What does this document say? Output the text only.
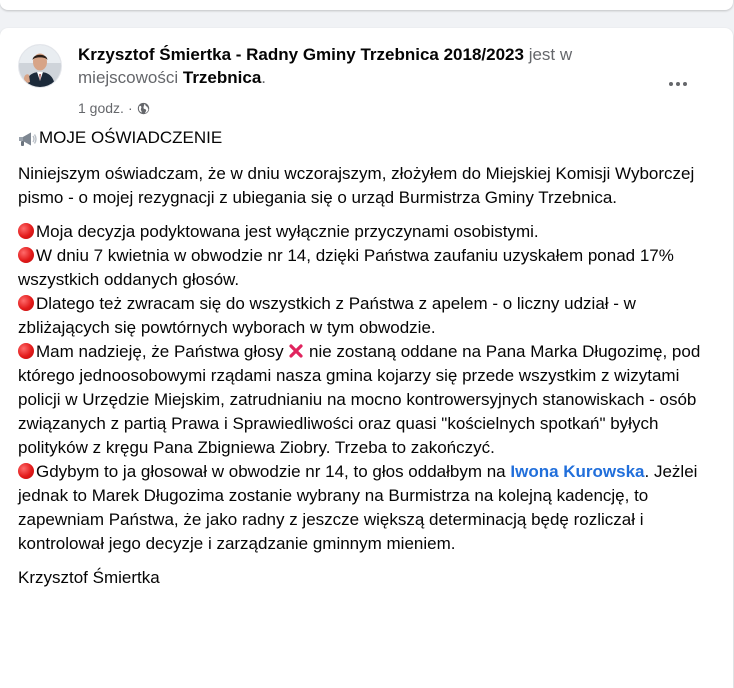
Krzysztof Śmiertka - Radny Gminy Trzebnica 2018/2023 jest w miejscowości Trzebnica.
1 godz. ·

MOJE OŚWIADCZENIE

Niniejszym oświadczam, że w dniu wczorajszym, złożyłem do Miejskiej Komisji Wyborczej pismo - o mojej rezygnacji z ubiegania się o urząd Burmistrza Gminy Trzebnica.

Moja decyzja podyktowana jest wyłącznie przyczynami osobistymi.

W dniu 7 kwietnia w obwodzie nr 14, dzięki Państwa zaufaniu uzyskałem ponad 17% wszystkich oddanych głosów.

Dlatego też zwracam się do wszystkich z Państwa z apelem - o liczny udział - w zbliżających się powtórnych wyborach w tym obwodzie.

Mam nadzieję, że Państwa głosy  nie zostaną oddane na Pana Marka Długozimę, pod którego jednoosobowymi rządami nasza gmina kojarzy się przede wszystkim z wizytami policji w Urzędzie Miejskim, zatrudnianiu na mocno kontrowersyjnych stanowiskach - osób związanych z partią Prawa i Sprawiedliwości oraz quasi "kościelnych spotkań" byłych polityków z kręgu Pana Zbigniewa Ziobry. Trzeba to zakończyć.

Gdybym to ja głosował w obwodzie nr 14, to głos oddałbym na Iwona Kurowska. Jeżlei jednak to Marek Długozima zostanie wybrany na Burmistrza na kolejną kadencję, to zapewniam Państwa, że jako radny z jeszcze większą determinacją będę rozliczał i kontrolował jego decyzje i zarządzanie gminnym mieniem.

Krzysztof Śmiertka
